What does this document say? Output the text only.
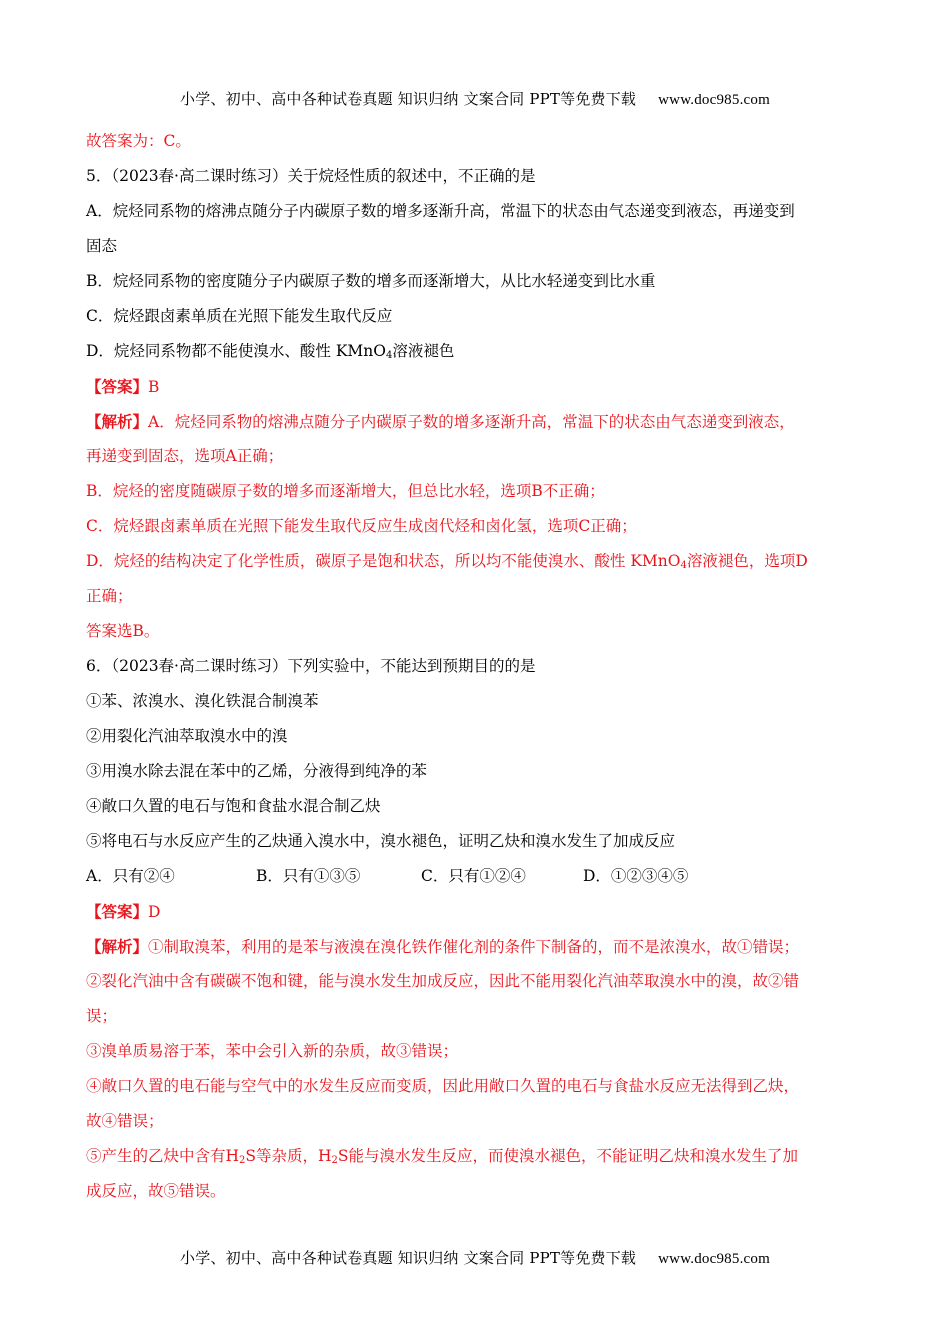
小学、初中、高中各种试卷真题 知识归纳 文案合同 PPT等免费下载 www.doc985.com
故答案为：C。
5．（2023春·高二课时练习）关于烷烃性质的叙述中，不正确的是
A．烷烃同系物的熔沸点随分子内碳原子数的增多逐渐升高，常温下的状态由气态递变到液态，再递变到
固态
B．烷烃同系物的密度随分子内碳原子数的增多而逐渐增大，从比水轻递变到比水重
C．烷烃跟卤素单质在光照下能发生取代反应
D．烷烃同系物都不能使溴水、酸性 KMnO$_4$溶液褪色
【答案】B
【解析】A．烷烃同系物的熔沸点随分子内碳原子数的增多逐渐升高，常温下的状态由气态递变到液态，
再递变到固态，选项A正确；
B．烷烃的密度随碳原子数的增多而逐渐增大，但总比水轻，选项B不正确；
C．烷烃跟卤素单质在光照下能发生取代反应生成卤代烃和卤化氢，选项C正确；
D．烷烃的结构决定了化学性质，碳原子是饱和状态，所以均不能使溴水、酸性 KMnO$_4$溶液褪色，选项D
正确；
答案选B。
6．（2023春·高二课时练习）下列实验中，不能达到预期目的的是
①苯、浓溴水、溴化铁混合制溴苯
②用裂化汽油萃取溴水中的溴
③用溴水除去混在苯中的乙烯，分液得到纯净的苯
④敞口久置的电石与饱和食盐水混合制乙炔
⑤将电石与水反应产生的乙炔通入溴水中，溴水褪色，证明乙炔和溴水发生了加成反应
A．只有②④	B．只有①③⑤	C．只有①②④	D．①②③④⑤
【答案】D
【解析】①制取溴苯，利用的是苯与液溴在溴化铁作催化剂的条件下制备的，而不是浓溴水，故①错误；
②裂化汽油中含有碳碳不饱和键，能与溴水发生加成反应，因此不能用裂化汽油萃取溴水中的溴，故②错
误；
③溴单质易溶于苯，苯中会引入新的杂质，故③错误；
④敞口久置的电石能与空气中的水发生反应而变质，因此用敞口久置的电石与食盐水反应无法得到乙炔，
故④错误；
⑤产生的乙炔中含有$H_2S$等杂质，$H_2S$能与溴水发生反应，而使溴水褪色，不能证明乙炔和溴水发生了加
成反应，故⑤错误。
小学、初中、高中各种试卷真题 知识归纳 文案合同 PPT等免费下载 www.doc985.com
